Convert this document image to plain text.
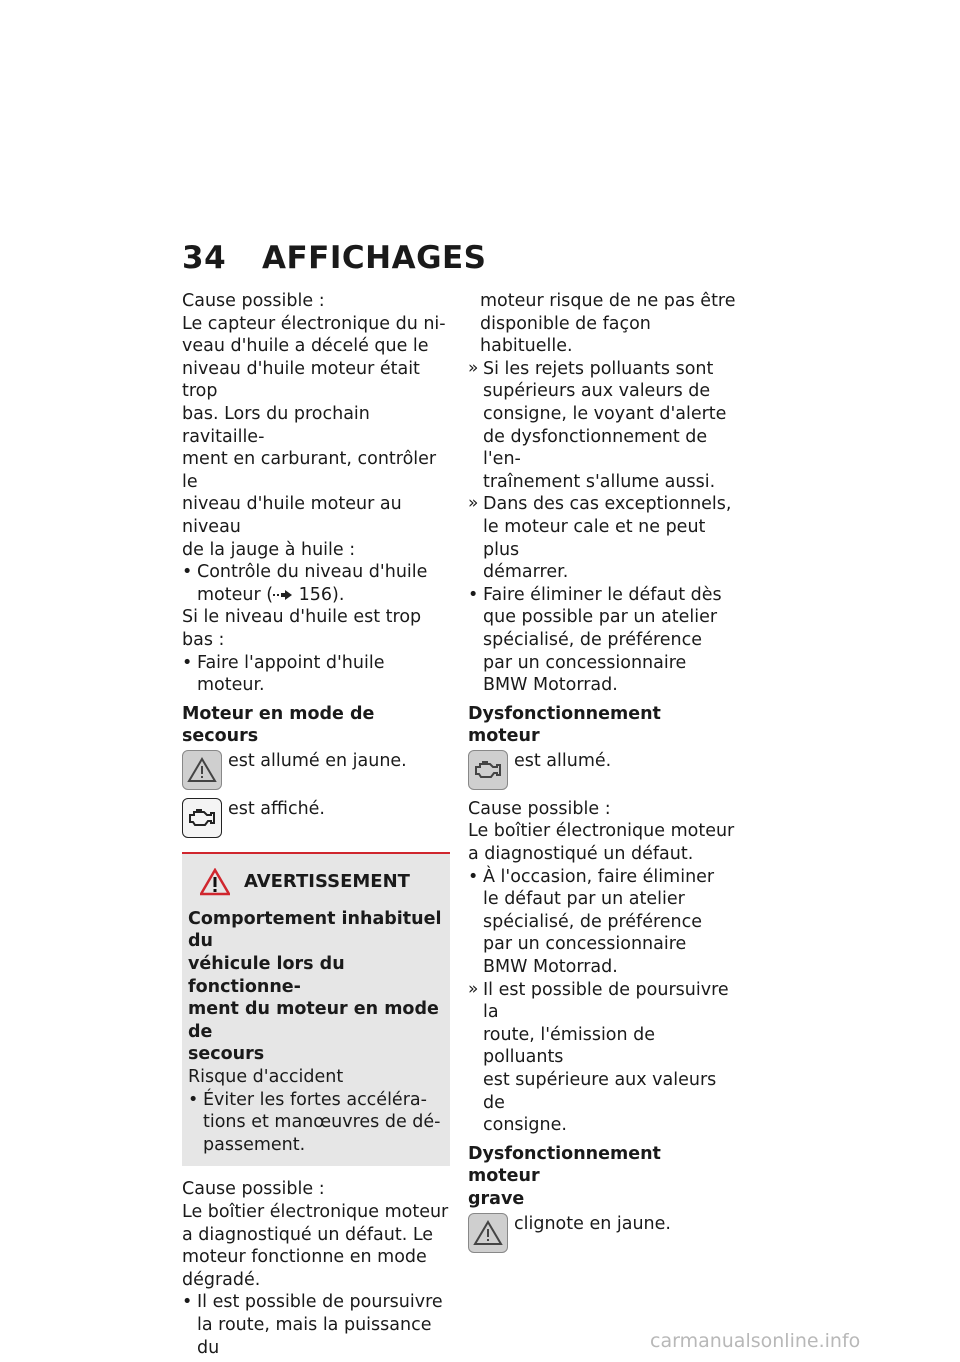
34 AFFICHAGES

Cause possible :

Le capteur électronique du ni-

veau d'huile a décelé que le

niveau d'huile moteur était trop

bas. Lors du prochain ravitaille-

ment en carburant, contrôler le

niveau d'huile moteur au niveau

de la jauge à huile :

• Contrôle du niveau d'huile

moteur ( 156).

Si le niveau d'huile est trop

bas :

• Faire l'appoint d'huile moteur.

Moteur en mode de secours

est allumé en jaune.
est affiché.
AVERTISSEMENT

Comportement inhabituel du

véhicule lors du fonctionne-

ment du moteur en mode de

secours

Risque d'accident

• Éviter les fortes accéléra-

tions et manœuvres de dé-

passement.

Cause possible :

Le boîtier électronique moteur

a diagnostiqué un défaut. Le

moteur fonctionne en mode

dégradé.

• Il est possible de poursuivre

la route, mais la puissance du

moteur risque de ne pas être

disponible de façon habituelle.

» Si les rejets polluants sont

supérieurs aux valeurs de

consigne, le voyant d'alerte

de dysfonctionnement de l'en-

traînement s'allume aussi.

» Dans des cas exceptionnels,

le moteur cale et ne peut plus

démarrer.

• Faire éliminer le défaut dès

que possible par un atelier

spécialisé, de préférence

par un concessionnaire

BMW Motorrad.

Dysfonctionnement moteur

est allumé.

Cause possible :

Le boîtier électronique moteur

a diagnostiqué un défaut.

• À l'occasion, faire éliminer

le défaut par un atelier

spécialisé, de préférence

par un concessionnaire

BMW Motorrad.

» Il est possible de poursuivre la

route, l'émission de polluants

est supérieure aux valeurs de

consigne.

Dysfonctionnement moteur

grave

clignote en jaune.
carmanualsonline.info
